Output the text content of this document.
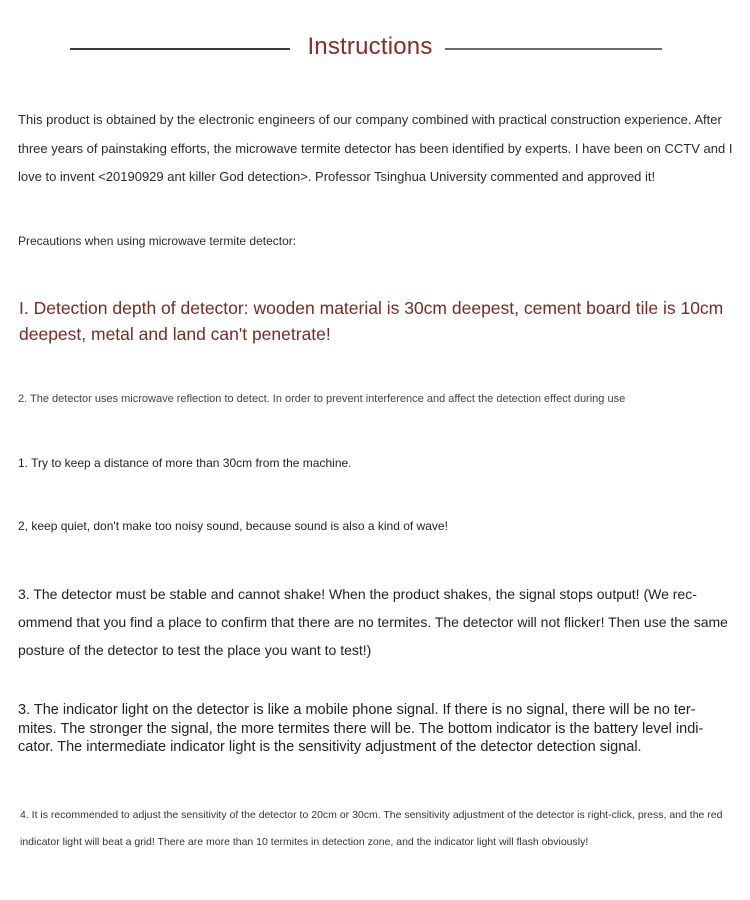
Instructions
This product is obtained by the electronic engineers of our company combined with practical construction experience. After three years of painstaking efforts, the microwave termite detector has been identified by experts. I have been on CCTV and I love to invent <20190929 ant killer God detection>. Professor Tsinghua University commented and approved it!
Precautions when using microwave termite detector:
I. Detection depth of detector: wooden material is 30cm deepest, cement board tile is 10cm deepest, metal and land can't penetrate!
2. The detector uses microwave reflection to detect. In order to prevent interference and affect the detection effect during use
1. Try to keep a distance of more than 30cm from the machine.
2, keep quiet, don't make too noisy sound, because sound is also a kind of wave!
3. The detector must be stable and cannot shake! When the product shakes, the signal stops output! (We rec- ommend that you find a place to confirm that there are no termites. The detector will not flicker! Then use the same posture of the detector to test the place you want to test!)
3. The indicator light on the detector is like a mobile phone signal. If there is no signal, there will be no ter- mites. The stronger the signal, the more termites there will be. The bottom indicator is the battery level indi- cator. The intermediate indicator light is the sensitivity adjustment of the detector detection signal.
4. It is recommended to adjust the sensitivity of the detector to 20cm or 30cm. The sensitivity adjustment of the detector is right-click, press, and the red indicator light will beat a grid! There are more than 10 termites in detection zone, and the indicator light will flash obviously!
